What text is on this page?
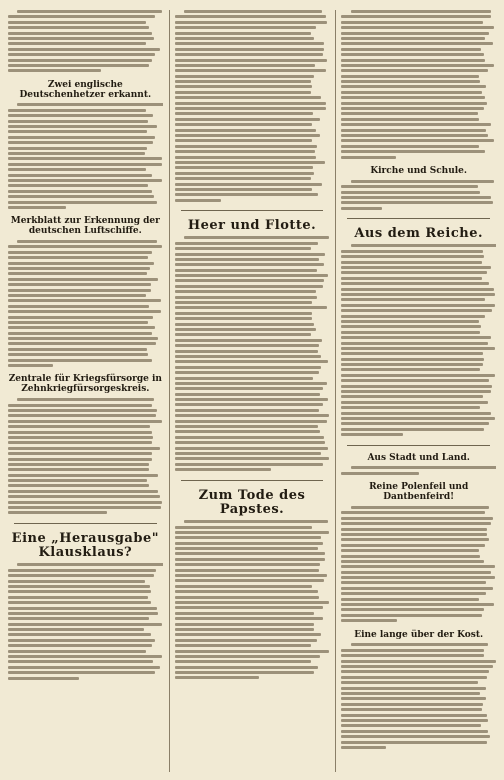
Zwei englische Deutschenhetzer erkannt.
Merkblatt zur Erkennung der deutschen Luftschiffe.
Zentrale für Kriegsfürsorge in Zehnkriegfürsorgeskreis.
Eine „Herausgabe" Klausklaus?
Heer und Flotte.
Zum Tode des Papstes.
Kirche und Schule.
Aus dem Reiche.
Aus Stadt und Land.
Reine Polenfeil und Dantbenfeird!
Eine lange über der Kost.
